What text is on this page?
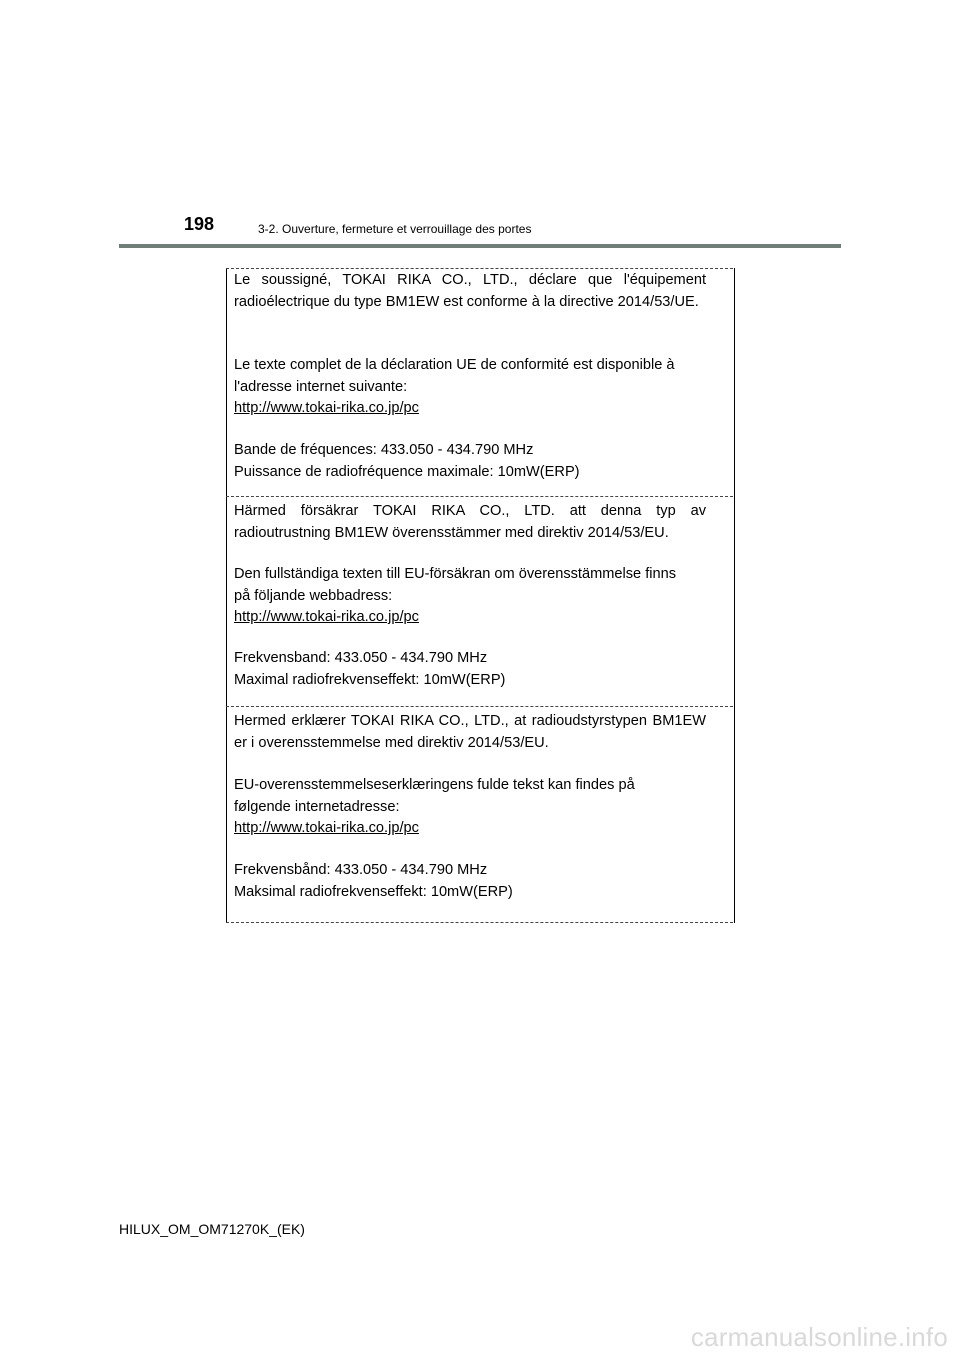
198	3-2. Ouverture, fermeture et verrouillage des portes

Le soussigné, TOKAI RIKA CO., LTD., déclare que l'équipement radioélectrique du type BM1EW est conforme à la directive 2014/53/UE.

Le texte complet de la déclaration UE de conformité est disponible à

l'adresse internet suivante:

http://www.tokai-rika.co.jp/pc

Bande de fréquences: 433.050 - 434.790 MHz

Puissance de radiofréquence maximale: 10mW(ERP)

Härmed försäkrar TOKAI RIKA CO., LTD. att denna typ av radioutrustning BM1EW överensstämmer med direktiv 2014/53/EU.

Den fullständiga texten till EU-försäkran om överensstämmelse finns

på följande webbadress:

http://www.tokai-rika.co.jp/pc

Frekvensband: 433.050 - 434.790 MHz

Maximal radiofrekvenseffekt: 10mW(ERP)

Hermed erklærer TOKAI RIKA CO., LTD., at radioudstyrstypen BM1EW er i overensstemmelse med direktiv 2014/53/EU.

EU-overensstemmelseserklæringens fulde tekst kan findes på

følgende internetadresse:

http://www.tokai-rika.co.jp/pc

Frekvensbånd: 433.050 - 434.790 MHz

Maksimal radiofrekvenseffekt: 10mW(ERP)

HILUX_OM_OM71270K_(EK)
carmanualsonline.info
